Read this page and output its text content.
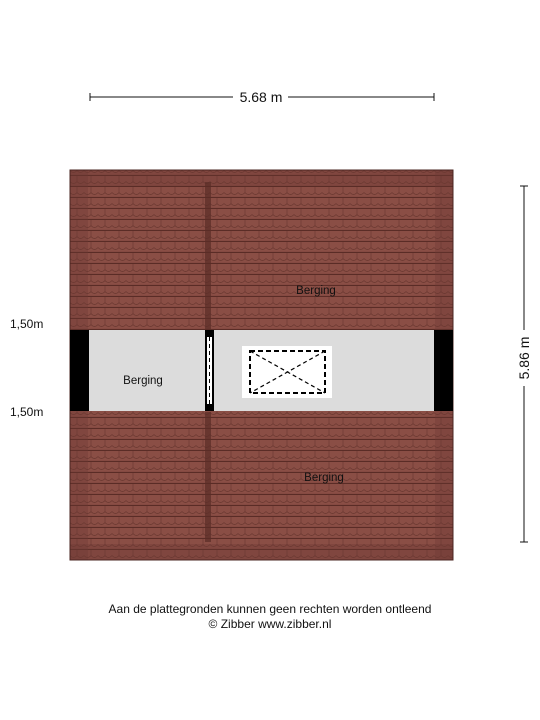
5.68 m
5.86 m
1,50m
1,50m
Berging
Berging
Berging
Aan de plattegronden kunnen geen rechten worden ontleend
© Zibber www.zibber.nl
